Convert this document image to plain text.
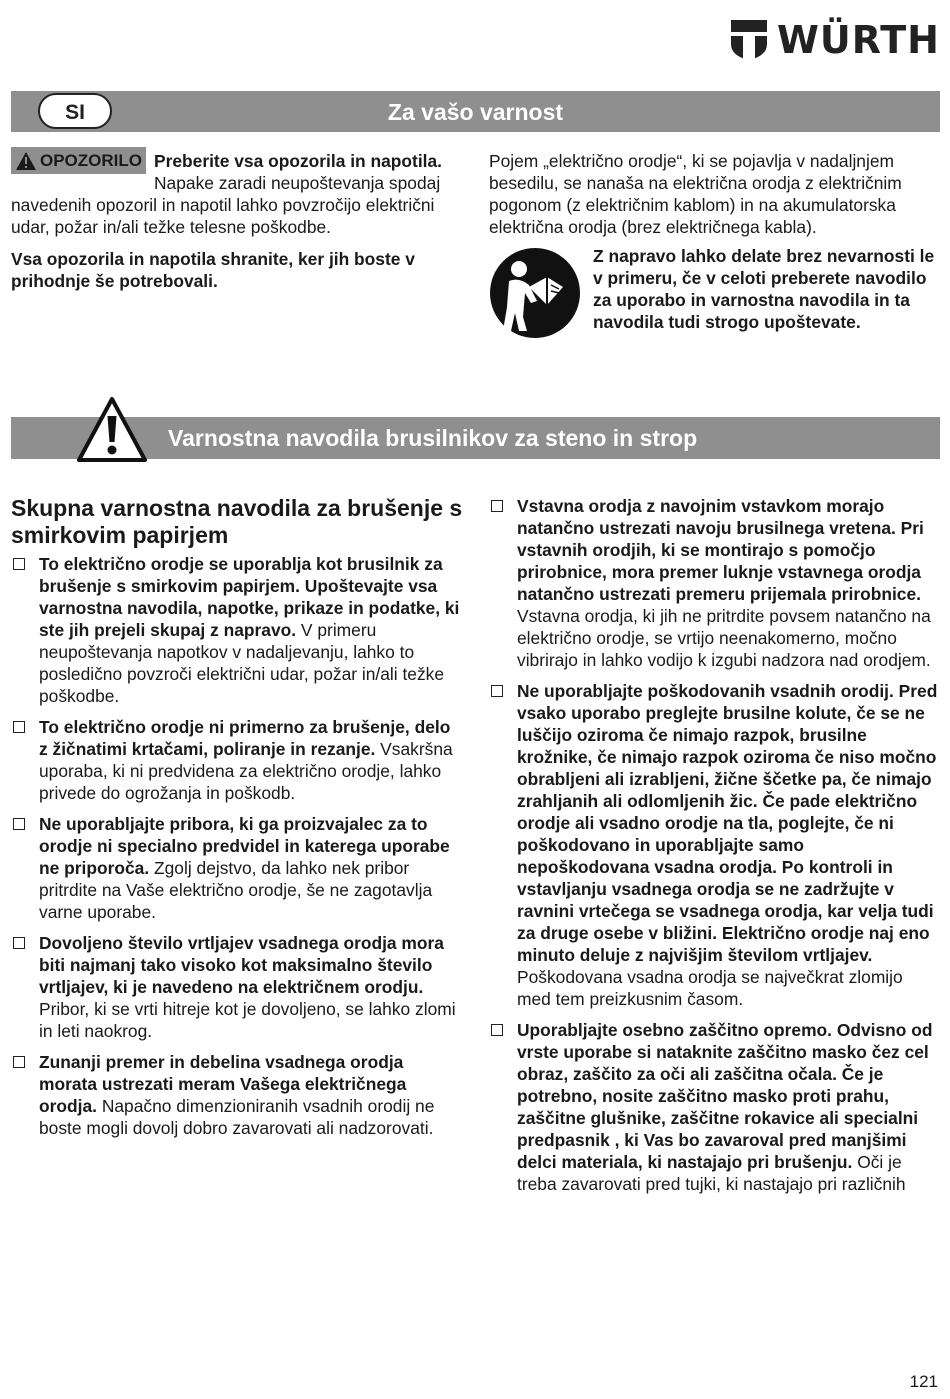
WÜRTH
SI	Za vašo varnost

OPOZORILO Preberite vsa opozorila in napotila. Napake zaradi neupoštevanja spodaj navedenih opozoril in napotil lahko povzročijo električni udar, požar in/ali težke telesne poškodbe.

Vsa opozorila in napotila shranite, ker jih boste v prihodnje še potrebovali.

Pojem „električno orodje“, ki se pojavlja v nadaljnjem besedilu, se nanaša na električna orodja z električnim pogonom (z električnim kablom) in na akumulatorska električna orodja (brez električnega kabla).

Z napravo lahko delate brez nevarnosti le v primeru, če v celoti preberete navodilo za uporabo in varnostna navodila in ta navodila tudi strogo upoštevate.
Varnostna navodila brusilnikov za steno in strop
Skupna varnostna navodila za brušenje s smirkovim papirjem
To električno orodje se uporablja kot brusilnik za brušenje s smirkovim papirjem. Upoštevajte vsa varnostna navodila, napotke, prikaze in podatke, ki ste jih prejeli skupaj z napravo. V primeru neupoštevanja napotkov v nadaljevanju, lahko to posledično povzroči električni udar, požar in/ali težke poškodbe.
To električno orodje ni primerno za brušenje, delo z žičnatimi krtačami, poliranje in rezanje. Vsakršna uporaba, ki ni predvidena za električno orodje, lahko privede do ogrožanja in poškodb.
Ne uporabljajte pribora, ki ga proizvajalec za to orodje ni specialno predvidel in katerega uporabe ne priporoča. Zgolj dejstvo, da lahko nek pribor pritrdite na Vaše električno orodje, še ne zagotavlja varne uporabe.
Dovoljeno število vrtljajev vsadnega orodja mora biti najmanj tako visoko kot maksimalno število vrtljajev, ki je navedeno na električnem orodju. Pribor, ki se vrti hitreje kot je dovoljeno, se lahko zlomi in leti naokrog.
Zunanji premer in debelina vsadnega orodja morata ustrezati meram Vašega električnega orodja. Napačno dimenzioniranih vsadnih orodij ne boste mogli dovolj dobro zavarovati ali nadzorovati.
Vstavna orodja z navojnim vstavkom morajo natančno ustrezati navoju brusilnega vretena. Pri vstavnih orodjih, ki se montirajo s pomočjo prirobnice, mora premer luknje vstavnega orodja natančno ustrezati premeru prijemala prirobnice. Vstavna orodja, ki jih ne pritrdite povsem natančno na električno orodje, se vrtijo neenakomerno, močno vibrirajo in lahko vodijo k izgubi nadzora nad orodjem.
Ne uporabljajte poškodovanih vsadnih orodij. Pred vsako uporabo preglejte brusilne kolute, če se ne luščijo oziroma če nimajo razpok, brusilne krožnike, če nimajo razpok oziroma če niso močno obrabljeni ali izrabljeni, žične ščetke pa, če nimajo zrahljanih ali odlomljenih žic. Če pade električno orodje ali vsadno orodje na tla, poglejte, če ni poškodovano in uporabljajte samo nepoškodovana vsadna orodja. Po kontroli in vstavljanju vsadnega orodja se ne zadržujte v ravnini vrtečega se vsadnega orodja, kar velja tudi za druge osebe v bližini. Električno orodje naj eno minuto deluje z najvišjim številom vrtljajev. Poškodovana vsadna orodja se največkrat zlomijo med tem preizkusnim časom.
Uporabljajte osebno zaščitno opremo. Odvisno od vrste uporabe si nataknite zaščitno masko čez cel obraz, zaščito za oči ali zaščitna očala. Če je potrebno, nosite zaščitno masko proti prahu, zaščitne glušnike, zaščitne rokavice ali specialni predpasnik , ki Vas bo zavaroval pred manjšimi delci materiala, ki nastajajo pri brušenju. Oči je treba zavarovati pred tujki, ki nastajajo pri različnih
121
